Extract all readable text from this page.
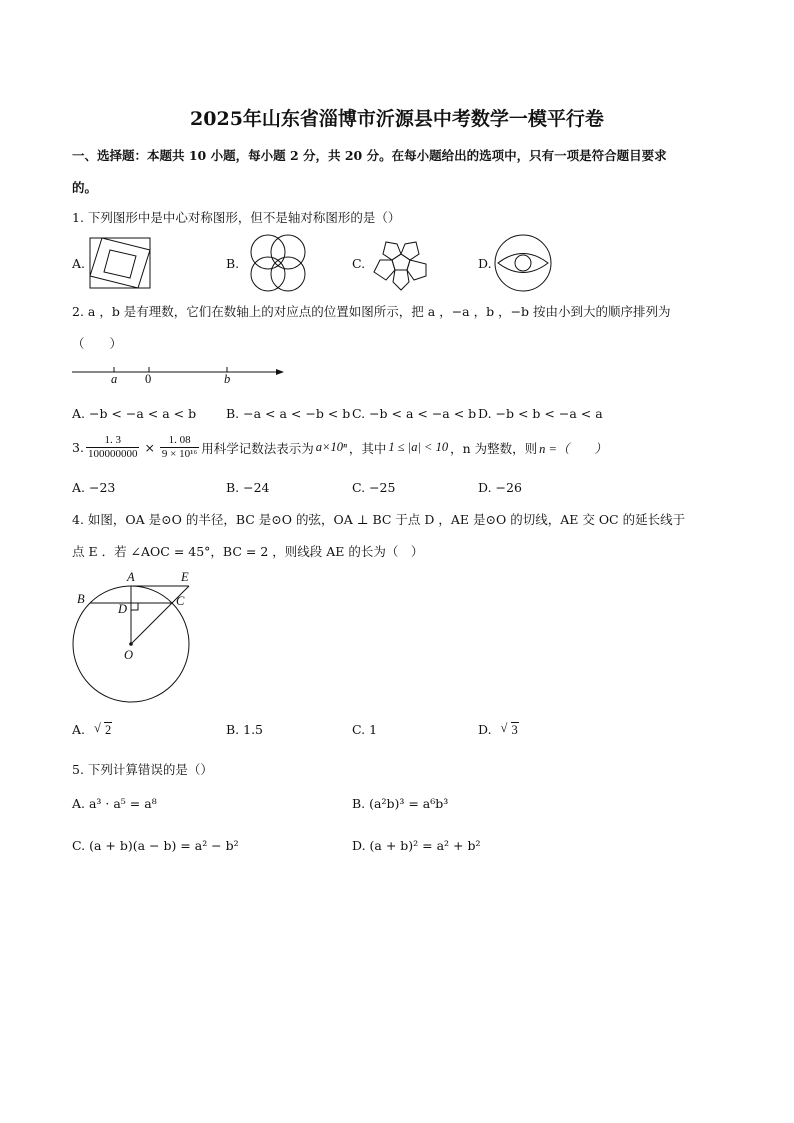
2025年山东省淄博市沂源县中考数学一模平行卷
一、选择题：本题共 10 小题，每小题 2 分，共 20 分。在每小题给出的选项中，只有一项是符合题目要求
的。
1. 下列图形中是中心对称图形，但不是轴对称图形的是（）
A.	B.	C.	D.
2. a ，b 是有理数，它们在数轴上的对应点的位置如图所示，把 a ，−a ，b ，−b 按由小到大的顺序排列为
（　　）
a 0	b
A. −b < −a < a < b B. −a < a < −b < b C. −b < a < −a < b D. −b < b < −a < a
3. $\frac{1. 3}{100000000} \times \frac{1. 08}{\text{9 × 10¹⁶}}$ 用科学记数法表示为 a×10ⁿ ，其中 1 ≤ |a| < 10 ，n 为整数，则 n =（　　）
A. −23	B. −24	C. −25	D. −26
4. 如图，OA 是⊙O 的半径，BC 是⊙O 的弦，OA ⊥ BC 于点 D ，AE 是⊙O 的切线，AE 交 OC 的延长线于
点 E ．若 ∠AOC = 45°，BC = 2 ，则线段 AE 的长为（　）
A	E
B
D
C
O
A. √ 2	B. 1.5	C. 1	D. √ 3
5. 下列计算错误的是（）
A. a³ · a⁵ = a⁸	B. (a²b)³ = a⁶b³
C. (a + b)(a − b) = a² − b²	D. (a + b)² = a² + b²
